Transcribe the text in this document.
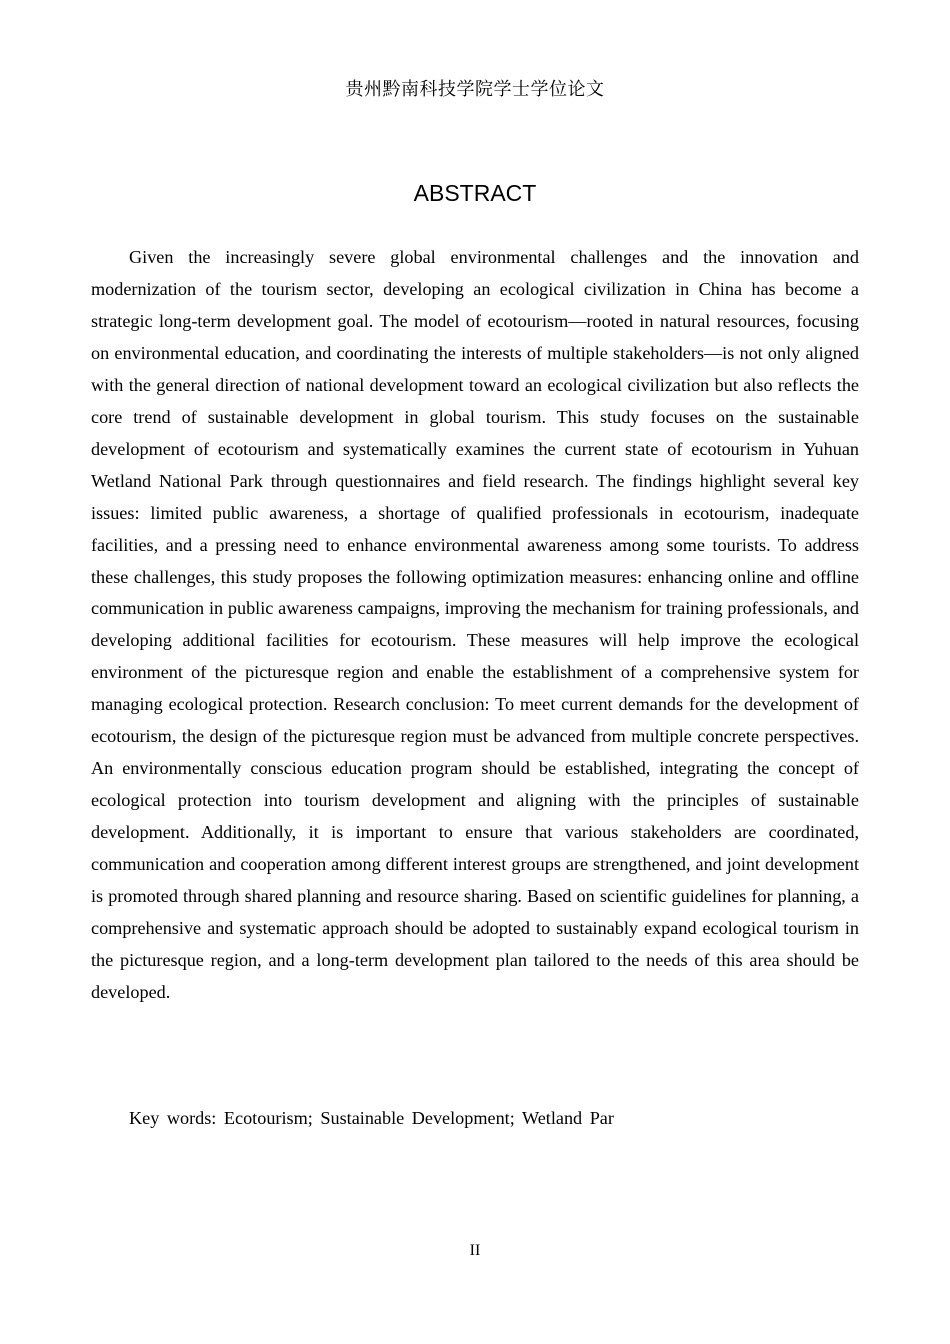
贵州黔南科技学院学士学位论文
ABSTRACT

Given the increasingly severe global environmental challenges and the innovation and modernization of the tourism sector, developing an ecological civilization in China has become a strategic long-term development goal. The model of ecotourism—rooted in natural resources, focusing on environmental education, and coordinating the interests of multiple stakeholders—is not only aligned with the general direction of national development toward an ecological civilization but also reflects the core trend of sustainable development in global tourism. This study focuses on the sustainable development of ecotourism and systematically examines the current state of ecotourism in Yuhuan Wetland National Park through questionnaires and field research. The findings highlight several key issues: limited public awareness, a shortage of qualified professionals in ecotourism, inadequate facilities, and a pressing need to enhance environmental awareness among some tourists. To address these challenges, this study proposes the following optimization measures: enhancing online and offline communication in public awareness campaigns, improving the mechanism for training professionals, and developing additional facilities for ecotourism. These measures will help improve the ecological environment of the picturesque region and enable the establishment of a comprehensive system for managing ecological protection. Research conclusion: To meet current demands for the development of ecotourism, the design of the picturesque region must be advanced from multiple concrete perspectives. An environmentally conscious education program should be established, integrating the concept of ecological protection into tourism development and aligning with the principles of sustainable development. Additionally, it is important to ensure that various stakeholders are coordinated, communication and cooperation among different interest groups are strengthened, and joint development is promoted through shared planning and resource sharing. Based on scientific guidelines for planning, a comprehensive and systematic approach should be adopted to sustainably expand ecological tourism in the picturesque region, and a long-term development plan tailored to the needs of this area should be developed.

Key words: Ecotourism; Sustainable Development; Wetland Par

II
